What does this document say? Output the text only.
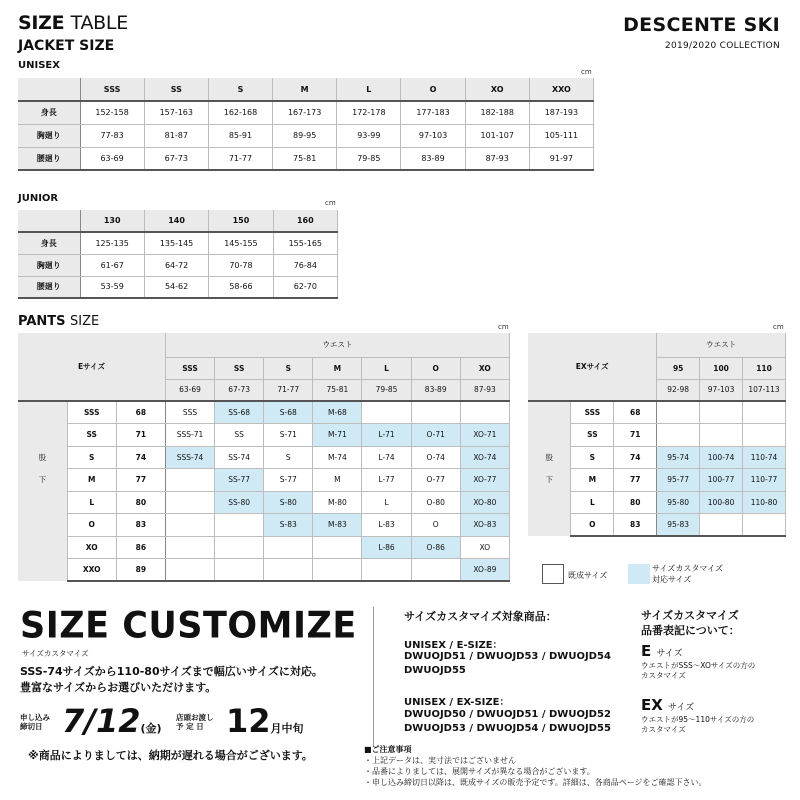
SIZE TABLE
JACKET SIZE
DESCENTE SKI
2019/2020 COLLECTION
UNISEX
cm
	SSS	SS	S	M	L	O	XO	XXO
身長	152-158	157-163	162-168	167-173	172-178	177-183	182-188	187-193
胸廻り	77-83	81-87	85-91	89-95	93-99	97-103	101-107	105-111
腰廻り	63-69	67-73	71-77	75-81	79-85	83-89	87-93	91-97
JUNIOR	cm
	130	140	150	160
身長	125-135	135-145	145-155	155-165
胸廻り	61-67	64-72	70-78	76-84
腰廻り	53-59	54-62	58-66	62-70
PANTS SIZE	cm	cm
Eサイズ			ウエスト						
			SSS	SS	S	M	L	O	XO
			63-69	67-73	71-77	75-81	79-85	83-89	87-93
	SSS	68	SSS	SS-68	S-68	M-68			
	SS	71	SSS-71	SS	S-71	M-71	L-71	O-71	XO-71
股	S	74	SSS-74	SS-74	S	M-74	L-74	O-74	XO-74
下	M	77		SS-77	S-77	M	L-77	O-77	XO-77
	L	80		SS-80	S-80	M-80	L	O-80	XO-80
	O	83			S-83	M-83	L-83	O	XO-83
	XO	86					L-86	O-86	XO
	XXO	89							XO-89
EXサイズ			ウエスト		
			95	100	110
			92-98	97-103	107-113
	SSS	68			
	SS	71			
股	S	74	95-74	100-74	110-74
下	M	77	95-77	100-77	110-77
	L	80	95-80	100-80	110-80
	O	83	95-83		
既成サイズ
サイズカスタマイズ
対応サイズ
SIZE CUSTOMIZE
サイズカスタマイズ
SSS-74サイズから110-80サイズまで幅広いサイズに対応。
豊富なサイズからお選びいただけます。
申し込み
締切日 7/12(金)
店頭お渡し
予 定 日 12月中旬
※商品によりましては、納期が遅れる場合がございます。
サイズカスタマイズ対象商品：
UNISEX / E-SIZE：
DWUOJD51 / DWUOJD53 / DWUOJD54
DWUOJD55
UNISEX / EX-SIZE：
DWUOJD50 / DWUOJD51 / DWUOJD52
DWUOJD53 / DWUOJD54 / DWUOJD55
サイズカスタマイズ
品番表記について：
E サイズ
ウエストがSSS～XOサイズの方の
カスタマイズ
EX サイズ
ウエストが95～110サイズの方の
カスタマイズ
■ご注意事項
・上記データは、実寸法ではございません
・品番によりましては、展開サイズが異なる場合がございます。
・申し込み締切日以降は、既成サイズの販売予定です。詳細は、各商品ページをご確認下さい。
